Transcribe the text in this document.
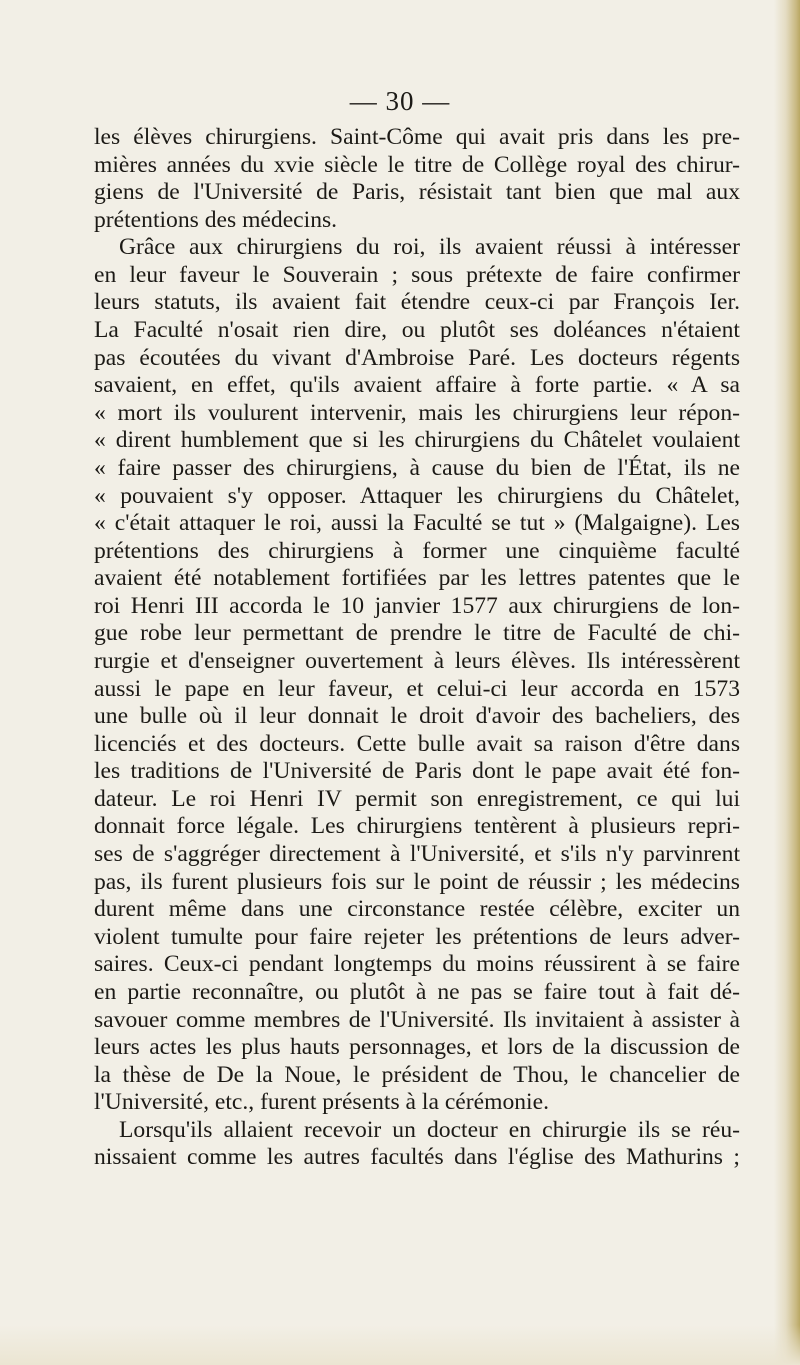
— 30 —
les élèves chirurgiens. Saint-Côme qui avait pris dans les pre-
mières années du xvie siècle le titre de Collège royal des chirur-
giens de l'Université de Paris, résistait tant bien que mal aux
prétentions des médecins.
Grâce aux chirurgiens du roi, ils avaient réussi à intéresser
en leur faveur le Souverain ; sous prétexte de faire confirmer
leurs statuts, ils avaient fait étendre ceux-ci par François Ier.
La Faculté n'osait rien dire, ou plutôt ses doléances n'étaient
pas écoutées du vivant d'Ambroise Paré. Les docteurs régents
savaient, en effet, qu'ils avaient affaire à forte partie. « A sa
« mort ils voulurent intervenir, mais les chirurgiens leur répon-
« dirent humblement que si les chirurgiens du Châtelet voulaient
« faire passer des chirurgiens, à cause du bien de l'État, ils ne
« pouvaient s'y opposer. Attaquer les chirurgiens du Châtelet,
« c'était attaquer le roi, aussi la Faculté se tut » (Malgaigne). Les
prétentions des chirurgiens à former une cinquième faculté
avaient été notablement fortifiées par les lettres patentes que le
roi Henri III accorda le 10 janvier 1577 aux chirurgiens de lon-
gue robe leur permettant de prendre le titre de Faculté de chi-
rurgie et d'enseigner ouvertement à leurs élèves. Ils intéressèrent
aussi le pape en leur faveur, et celui-ci leur accorda en 1573
une bulle où il leur donnait le droit d'avoir des bacheliers, des
licenciés et des docteurs. Cette bulle avait sa raison d'être dans
les traditions de l'Université de Paris dont le pape avait été fon-
dateur. Le roi Henri IV permit son enregistrement, ce qui lui
donnait force légale. Les chirurgiens tentèrent à plusieurs repri-
ses de s'aggréger directement à l'Université, et s'ils n'y parvinrent
pas, ils furent plusieurs fois sur le point de réussir ; les médecins
durent même dans une circonstance restée célèbre, exciter un
violent tumulte pour faire rejeter les prétentions de leurs adver-
saires. Ceux-ci pendant longtemps du moins réussirent à se faire
en partie reconnaître, ou plutôt à ne pas se faire tout à fait dé-
savouer comme membres de l'Université. Ils invitaient à assister à
leurs actes les plus hauts personnages, et lors de la discussion de
la thèse de De la Noue, le président de Thou, le chancelier de
l'Université, etc., furent présents à la cérémonie.
Lorsqu'ils allaient recevoir un docteur en chirurgie ils se réu-
nissaient comme les autres facultés dans l'église des Mathurins ;
